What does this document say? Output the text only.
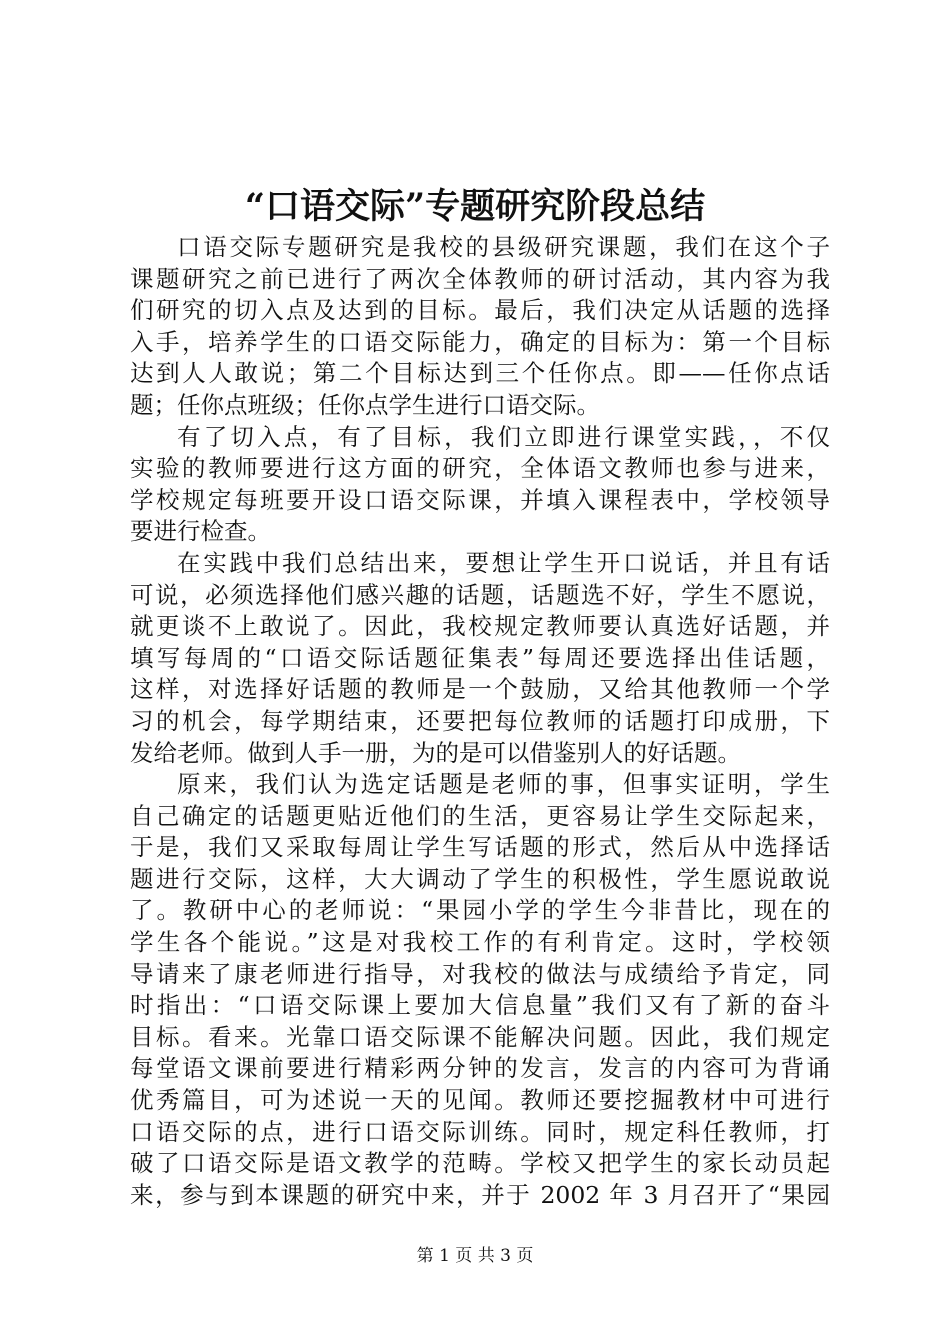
“口语交际”专题研究阶段总结
口语交际专题研究是我校的县级研究课题，我们在这个子
课题研究之前已进行了两次全体教师的研讨活动，其内容为我
们研究的切入点及达到的目标。最后，我们决定从话题的选择
入手，培养学生的口语交际能力，确定的目标为：第一个目标
达到人人敢说；第二个目标达到三个任你点。即——任你点话
题；任你点班级；任你点学生进行口语交际。
有了切入点，有了目标，我们立即进行课堂实践，，不仅
实验的教师要进行这方面的研究，全体语文教师也参与进来，
学校规定每班要开设口语交际课，并填入课程表中，学校领导
要进行检查。
在实践中我们总结出来，要想让学生开口说话，并且有话
可说，必须选择他们感兴趣的话题，话题选不好，学生不愿说，
就更谈不上敢说了。因此，我校规定教师要认真选好话题，并
填写每周的“口语交际话题征集表”每周还要选择出佳话题，
这样，对选择好话题的教师是一个鼓励，又给其他教师一个学
习的机会，每学期结束，还要把每位教师的话题打印成册，下
发给老师。做到人手一册，为的是可以借鉴别人的好话题。
原来，我们认为选定话题是老师的事，但事实证明，学生
自己确定的话题更贴近他们的生活，更容易让学生交际起来，
于是，我们又采取每周让学生写话题的形式，然后从中选择话
题进行交际，这样，大大调动了学生的积极性，学生愿说敢说
了。教研中心的老师说：“果园小学的学生今非昔比，现在的
学生各个能说。”这是对我校工作的有利肯定。这时，学校领
导请来了康老师进行指导，对我校的做法与成绩给予肯定，同
时指出：“口语交际课上要加大信息量”我们又有了新的奋斗
目标。看来。光靠口语交际课不能解决问题。因此，我们规定
每堂语文课前要进行精彩两分钟的发言，发言的内容可为背诵
优秀篇目，可为述说一天的见闻。教师还要挖掘教材中可进行
口语交际的点，进行口语交际训练。同时，规定科任教师，打
破了口语交际是语文教学的范畴。学校又把学生的家长动员起
来，参与到本课题的研究中来，并于 2002 年 3 月召开了“果园
第 1 页 共 3 页
